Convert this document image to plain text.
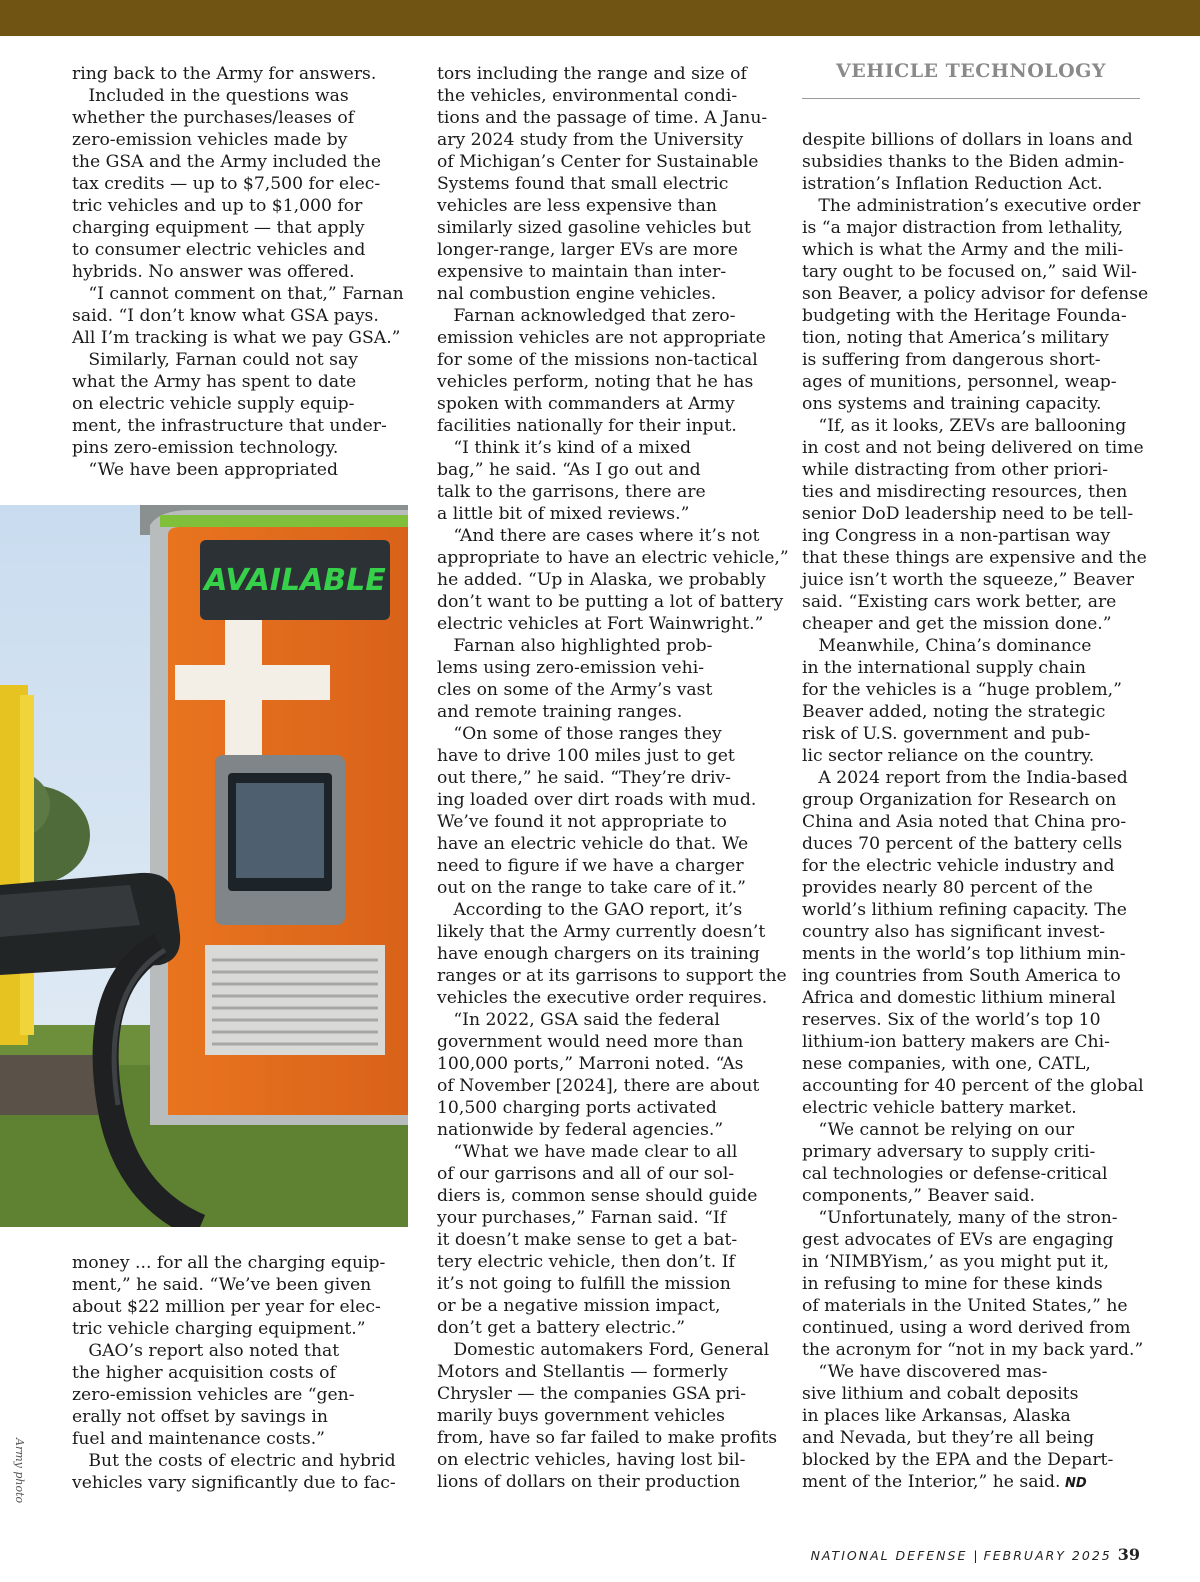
VEHICLE TECHNOLOGY

ring back to the Army for answers.

Included in the questions was

whether the purchases/leases of

zero-emission vehicles made by

the GSA and the Army included the

tax credits — up to $7,500 for elec-

tric vehicles and up to $1,000 for

charging equipment — that apply

to consumer electric vehicles and

hybrids. No answer was offered.

“I cannot comment on that,” Farnan

said. “I don’t know what GSA pays.

All I’m tracking is what we pay GSA.”

Similarly, Farnan could not say

what the Army has spent to date

on electric vehicle supply equip-

ment, the infrastructure that under-

pins zero-emission technology.

“We have been appropriated

AVAILABLE

money ... for all the charging equip-

ment,” he said. “We’ve been given

about $22 million per year for elec-

tric vehicle charging equipment.”

GAO’s report also noted that

the higher acquisition costs of

zero-emission vehicles are “gen-

erally not offset by savings in

fuel and maintenance costs.”

But the costs of electric and hybrid

vehicles vary significantly due to fac-

Army photo

tors including the range and size of

the vehicles, environmental condi-

tions and the passage of time. A Janu-

ary 2024 study from the University

of Michigan’s Center for Sustainable

Systems found that small electric

vehicles are less expensive than

similarly sized gasoline vehicles but

longer-range, larger EVs are more

expensive to maintain than inter-

nal combustion engine vehicles.

Farnan acknowledged that zero-

emission vehicles are not appropriate

for some of the missions non-tactical

vehicles perform, noting that he has

spoken with commanders at Army

facilities nationally for their input.

“I think it’s kind of a mixed

bag,” he said. “As I go out and

talk to the garrisons, there are

a little bit of mixed reviews.”

“And there are cases where it’s not

appropriate to have an electric vehicle,”

he added. “Up in Alaska, we probably

don’t want to be putting a lot of battery

electric vehicles at Fort Wainwright.”

Farnan also highlighted prob-

lems using zero-emission vehi-

cles on some of the Army’s vast

and remote training ranges.

“On some of those ranges they

have to drive 100 miles just to get

out there,” he said. “They’re driv-

ing loaded over dirt roads with mud.

We’ve found it not appropriate to

have an electric vehicle do that. We

need to figure if we have a charger

out on the range to take care of it.”

According to the GAO report, it’s

likely that the Army currently doesn’t

have enough chargers on its training

ranges or at its garrisons to support the

vehicles the executive order requires.

“In 2022, GSA said the federal

government would need more than

100,000 ports,” Marroni noted. “As

of November [2024], there are about

10,500 charging ports activated

nationwide by federal agencies.”

“What we have made clear to all

of our garrisons and all of our sol-

diers is, common sense should guide

your purchases,” Farnan said. “If

it doesn’t make sense to get a bat-

tery electric vehicle, then don’t. If

it’s not going to fulfill the mission

or be a negative mission impact,

don’t get a battery electric.”

Domestic automakers Ford, General

Motors and Stellantis — formerly

Chrysler — the companies GSA pri-

marily buys government vehicles

from, have so far failed to make profits

on electric vehicles, having lost bil-

lions of dollars on their production

despite billions of dollars in loans and

subsidies thanks to the Biden admin-

istration’s Inflation Reduction Act.

The administration’s executive order

is “a major distraction from lethality,

which is what the Army and the mili-

tary ought to be focused on,” said Wil-

son Beaver, a policy advisor for defense

budgeting with the Heritage Founda-

tion, noting that America’s military

is suffering from dangerous short-

ages of munitions, personnel, weap-

ons systems and training capacity.

“If, as it looks, ZEVs are ballooning

in cost and not being delivered on time

while distracting from other priori-

ties and misdirecting resources, then

senior DoD leadership need to be tell-

ing Congress in a non-partisan way

that these things are expensive and the

juice isn’t worth the squeeze,” Beaver

said. “Existing cars work better, are

cheaper and get the mission done.”

Meanwhile, China’s dominance

in the international supply chain

for the vehicles is a “huge problem,”

Beaver added, noting the strategic

risk of U.S. government and pub-

lic sector reliance on the country.

A 2024 report from the India-based

group Organization for Research on

China and Asia noted that China pro-

duces 70 percent of the battery cells

for the electric vehicle industry and

provides nearly 80 percent of the

world’s lithium refining capacity. The

country also has significant invest-

ments in the world’s top lithium min-

ing countries from South America to

Africa and domestic lithium mineral

reserves. Six of the world’s top 10

lithium-ion battery makers are Chi-

nese companies, with one, CATL,

accounting for 40 percent of the global

electric vehicle battery market.

“We cannot be relying on our

primary adversary to supply criti-

cal technologies or defense-critical

components,” Beaver said.

“Unfortunately, many of the stron-

gest advocates of EVs are engaging

in ‘NIMBYism,’ as you might put it,

in refusing to mine for these kinds

of materials in the United States,” he

continued, using a word derived from

the acronym for “not in my back yard.”

“We have discovered mas-

sive lithium and cobalt deposits

in places like Arkansas, Alaska

and Nevada, but they’re all being

blocked by the EPA and the Depart-

ment of the Interior,” he said. ND

NATIONAL DEFENSE | FEBRUARY 2025 39
